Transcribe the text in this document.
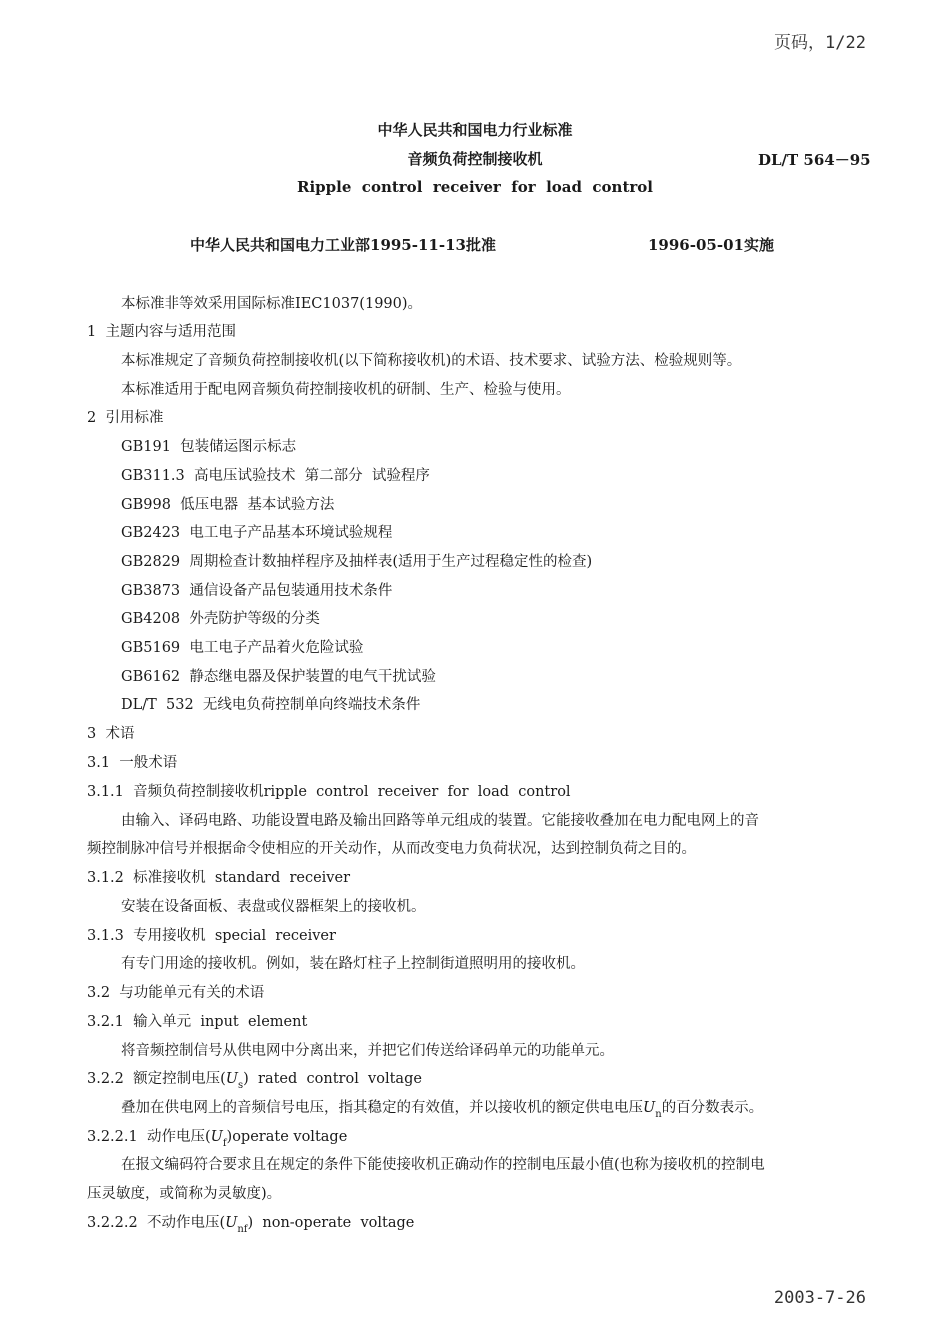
页码，1/22
中华人民共和国电力行业标准
音频负荷控制接收机	DL/T 564－95
Ripple  control  receiver  for  load  control
中华人民共和国电力工业部1995-11-13批准	1996-05-01实施
本标准非等效采用国际标准IEC1037(1990)。
1  主题内容与适用范围
本标准规定了音频负荷控制接收机(以下简称接收机)的术语、技术要求、试验方法、检验规则等。
本标准适用于配电网音频负荷控制接收机的研制、生产、检验与使用。
2  引用标准
GB191  包装储运图示标志
GB311.3  高电压试验技术  第二部分  试验程序
GB998  低压电器  基本试验方法
GB2423  电工电子产品基本环境试验规程
GB2829  周期检查计数抽样程序及抽样表(适用于生产过程稳定性的检查)
GB3873  通信设备产品包装通用技术条件
GB4208  外壳防护等级的分类
GB5169  电工电子产品着火危险试验
GB6162  静态继电器及保护装置的电气干扰试验
DL/T  532  无线电负荷控制单向终端技术条件
3  术语
3.1  一般术语
3.1.1  音频负荷控制接收机ripple  control  receiver  for  load  control
由输入、译码电路、功能设置电路及输出回路等单元组成的装置。它能接收叠加在电力配电网上的音
频控制脉冲信号并根据命令使相应的开关动作，从而改变电力负荷状况，达到控制负荷之目的。
3.1.2  标准接收机  standard  receiver
安装在设备面板、表盘或仪器框架上的接收机。
3.1.3  专用接收机  special  receiver
有专门用途的接收机。例如，装在路灯柱子上控制街道照明用的接收机。
3.2  与功能单元有关的术语
3.2.1  输入单元  input  element
将音频控制信号从供电网中分离出来，并把它们传送给译码单元的功能单元。
3.2.2  额定控制电压$(U_s)$  rated  control  voltage
叠加在供电网上的音频信号电压，指其稳定的有效值，并以接收机的额定供电电压$U_n$的百分数表示。
3.2.2.1  动作电压$(U_f)operate$ voltage
在报文编码符合要求且在规定的条件下能使接收机正确动作的控制电压最小值(也称为接收机的控制电
压灵敏度，或简称为灵敏度)。
3.2.2.2  不动作电压$(U_{nf})$  non-operate  voltage
2003-7-26
